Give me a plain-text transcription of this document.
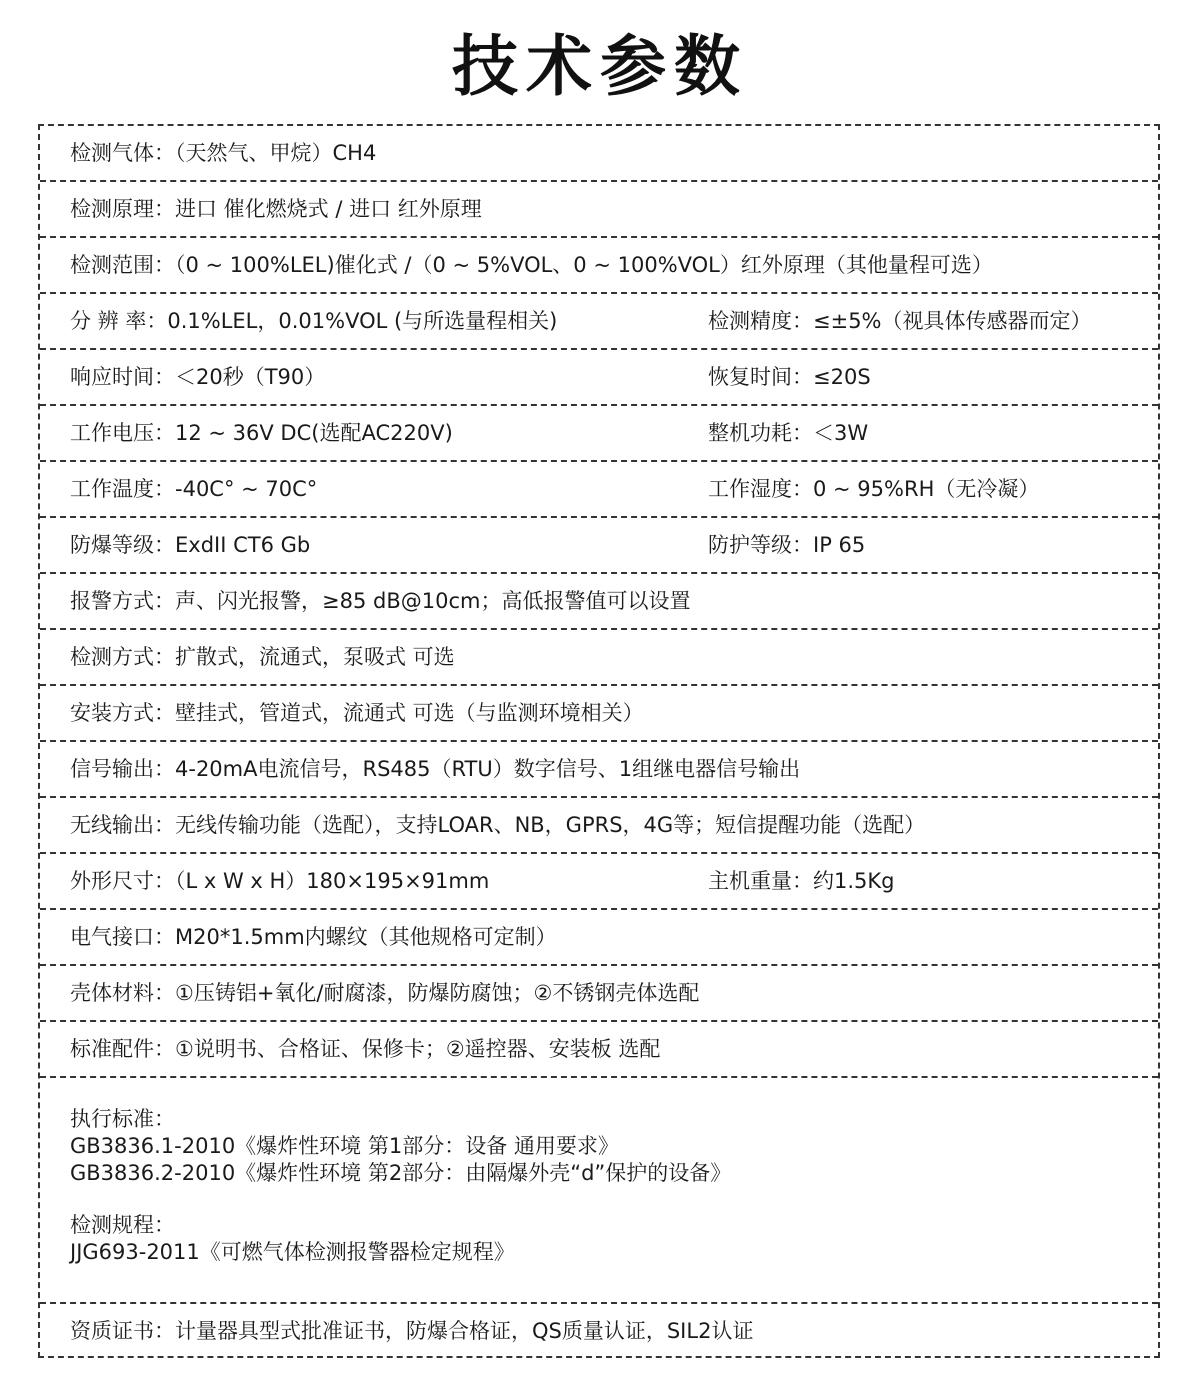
技术参数
检测气体：（天然气、甲烷）CH4
检测原理：进口 催化燃烧式 / 进口 红外原理
检测范围：（0 ~ 100%LEL)催化式 /（0 ~ 5%VOL、0 ~ 100%VOL）红外原理（其他量程可选）
分 辨 率：0.1%LEL，0.01%VOL (与所选量程相关)	检测精度：≤±5%（视具体传感器而定）
响应时间：＜20秒（T90）	恢复时间：≤20S
工作电压：12 ~ 36V DC(选配AC220V)	整机功耗：＜3W
工作温度：-40C° ~ 70C°	工作湿度：0 ~ 95%RH（无冷凝）
防爆等级：ExdII CT6 Gb	防护等级：IP 65
报警方式：声、闪光报警，≥85 dB@10cm；高低报警值可以设置
检测方式：扩散式，流通式，泵吸式 可选
安装方式：壁挂式，管道式，流通式 可选（与监测环境相关）
信号输出：4-20mA电流信号，RS485（RTU）数字信号、1组继电器信号输出
无线输出：无线传输功能（选配），支持LOAR、NB，GPRS，4G等；短信提醒功能（选配）
外形尺寸：（L x W x H）180×195×91mm	主机重量：约1.5Kg
电气接口：M20*1.5mm内螺纹（其他规格可定制）
壳体材料：①压铸铝+氧化/耐腐漆，防爆防腐蚀；②不锈钢壳体选配
标准配件：①说明书、合格证、保修卡；②遥控器、安装板 选配
执行标准：
GB3836.1-2010《爆炸性环境 第1部分：设备 通用要求》
GB3836.2-2010《爆炸性环境 第2部分：由隔爆外壳“d”保护的设备》
检测规程：
JJG693-2011《可燃气体检测报警器检定规程》
资质证书：计量器具型式批准证书，防爆合格证，QS质量认证，SIL2认证
